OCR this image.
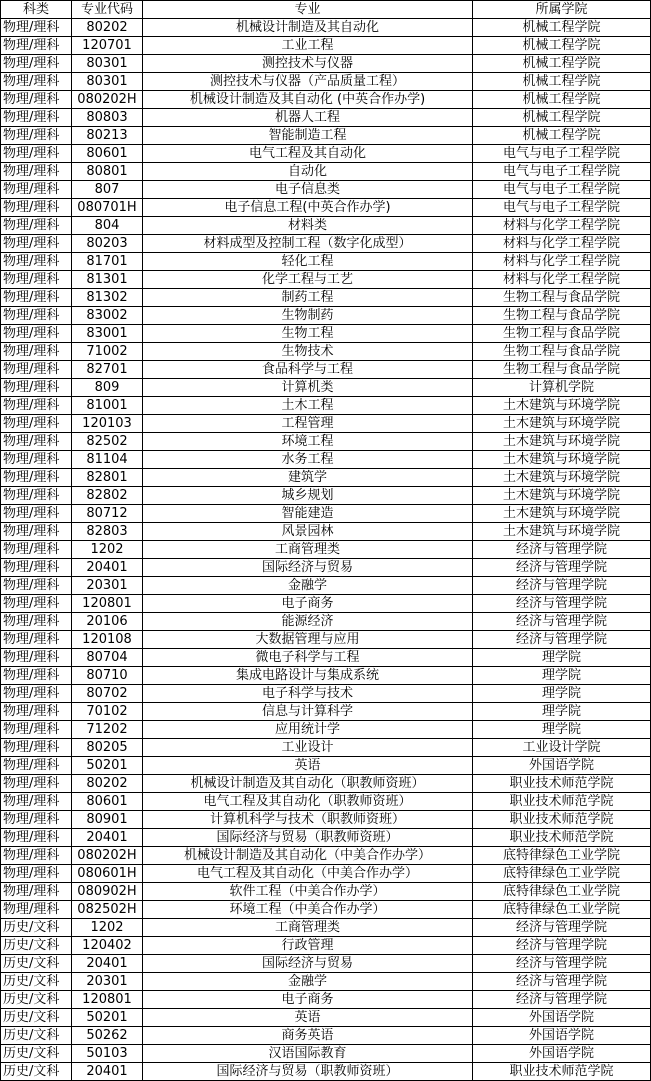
科类	专业代码	专业	所属学院
物理/理科	80202	机械设计制造及其自动化	机械工程学院
物理/理科	120701	工业工程	机械工程学院
物理/理科	80301	测控技术与仪器	机械工程学院
物理/理科	80301	测控技术与仪器（产品质量工程）	机械工程学院
物理/理科	080202H	机械设计制造及其自动化 (中英合作办学)	机械工程学院
物理/理科	80803	机器人工程	机械工程学院
物理/理科	80213	智能制造工程	机械工程学院
物理/理科	80601	电气工程及其自动化	电气与电子工程学院
物理/理科	80801	自动化	电气与电子工程学院
物理/理科	807	电子信息类	电气与电子工程学院
物理/理科	080701H	电子信息工程(中英合作办学)	电气与电子工程学院
物理/理科	804	材料类	材料与化学工程学院
物理/理科	80203	材料成型及控制工程（数字化成型）	材料与化学工程学院
物理/理科	81701	轻化工程	材料与化学工程学院
物理/理科	81301	化学工程与工艺	材料与化学工程学院
物理/理科	81302	制药工程	生物工程与食品学院
物理/理科	83002	生物制药	生物工程与食品学院
物理/理科	83001	生物工程	生物工程与食品学院
物理/理科	71002	生物技术	生物工程与食品学院
物理/理科	82701	食品科学与工程	生物工程与食品学院
物理/理科	809	计算机类	计算机学院
物理/理科	81001	土木工程	土木建筑与环境学院
物理/理科	120103	工程管理	土木建筑与环境学院
物理/理科	82502	环境工程	土木建筑与环境学院
物理/理科	81104	水务工程	土木建筑与环境学院
物理/理科	82801	建筑学	土木建筑与环境学院
物理/理科	82802	城乡规划	土木建筑与环境学院
物理/理科	80712	智能建造	土木建筑与环境学院
物理/理科	82803	风景园林	土木建筑与环境学院
物理/理科	1202	工商管理类	经济与管理学院
物理/理科	20401	国际经济与贸易	经济与管理学院
物理/理科	20301	金融学	经济与管理学院
物理/理科	120801	电子商务	经济与管理学院
物理/理科	20106	能源经济	经济与管理学院
物理/理科	120108	大数据管理与应用	经济与管理学院
物理/理科	80704	微电子科学与工程	理学院
物理/理科	80710	集成电路设计与集成系统	理学院
物理/理科	80702	电子科学与技术	理学院
物理/理科	70102	信息与计算科学	理学院
物理/理科	71202	应用统计学	理学院
物理/理科	80205	工业设计	工业设计学院
物理/理科	50201	英语	外国语学院
物理/理科	80202	机械设计制造及其自动化（职教师资班）	职业技术师范学院
物理/理科	80601	电气工程及其自动化（职教师资班）	职业技术师范学院
物理/理科	80901	计算机科学与技术（职教师资班）	职业技术师范学院
物理/理科	20401	国际经济与贸易（职教师资班）	职业技术师范学院
物理/理科	080202H	机械设计制造及其自动化（中美合作办学）	底特律绿色工业学院
物理/理科	080601H	电气工程及其自动化（中美合作办学）	底特律绿色工业学院
物理/理科	080902H	软件工程（中美合作办学）	底特律绿色工业学院
物理/理科	082502H	环境工程（中美合作办学）	底特律绿色工业学院
历史/文科	1202	工商管理类	经济与管理学院
历史/文科	120402	行政管理	经济与管理学院
历史/文科	20401	国际经济与贸易	经济与管理学院
历史/文科	20301	金融学	经济与管理学院
历史/文科	120801	电子商务	经济与管理学院
历史/文科	50201	英语	外国语学院
历史/文科	50262	商务英语	外国语学院
历史/文科	50103	汉语国际教育	外国语学院
历史/文科	20401	国际经济与贸易（职教师资班）	职业技术师范学院
